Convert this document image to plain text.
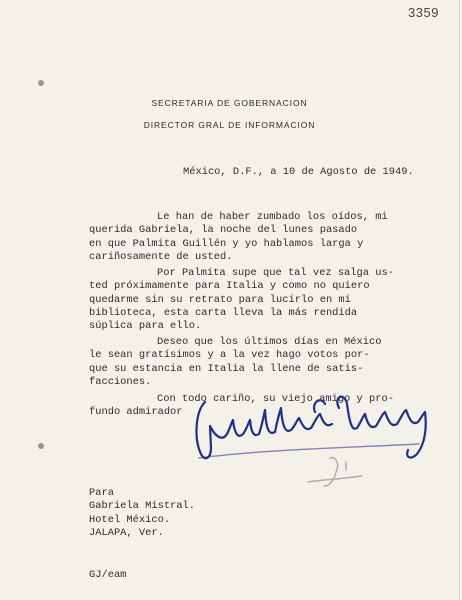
3359
SECRETARIA DE GOBERNACION
DIRECTOR GRAL DE INFORMACION
México, D.F., a 10 de Agosto de 1949.
Le han de haber zumbado los oídos, mi
querida Gabriela, la noche del lunes pasado
en que Palmita Guillén y yo hablamos larga y
cariñosamente de usted.
Por Palmita supe que tal vez salga us-
ted próximamente para Italia y como no quiero
quedarme sin su retrato para lucirlo en mi
biblioteca, esta carta lleva la más rendida
súplica para ello.
Deseo que los últimos días en México
le sean gratísimos y a la vez hago votos por-
que su estancia en Italia la llene de satis-
facciones.
Con todo cariño, su viejo amigo y pro-
fundo admirador
Para
Gabriela Mistral.
Hotel México.
JALAPA, Ver.
GJ/eam
